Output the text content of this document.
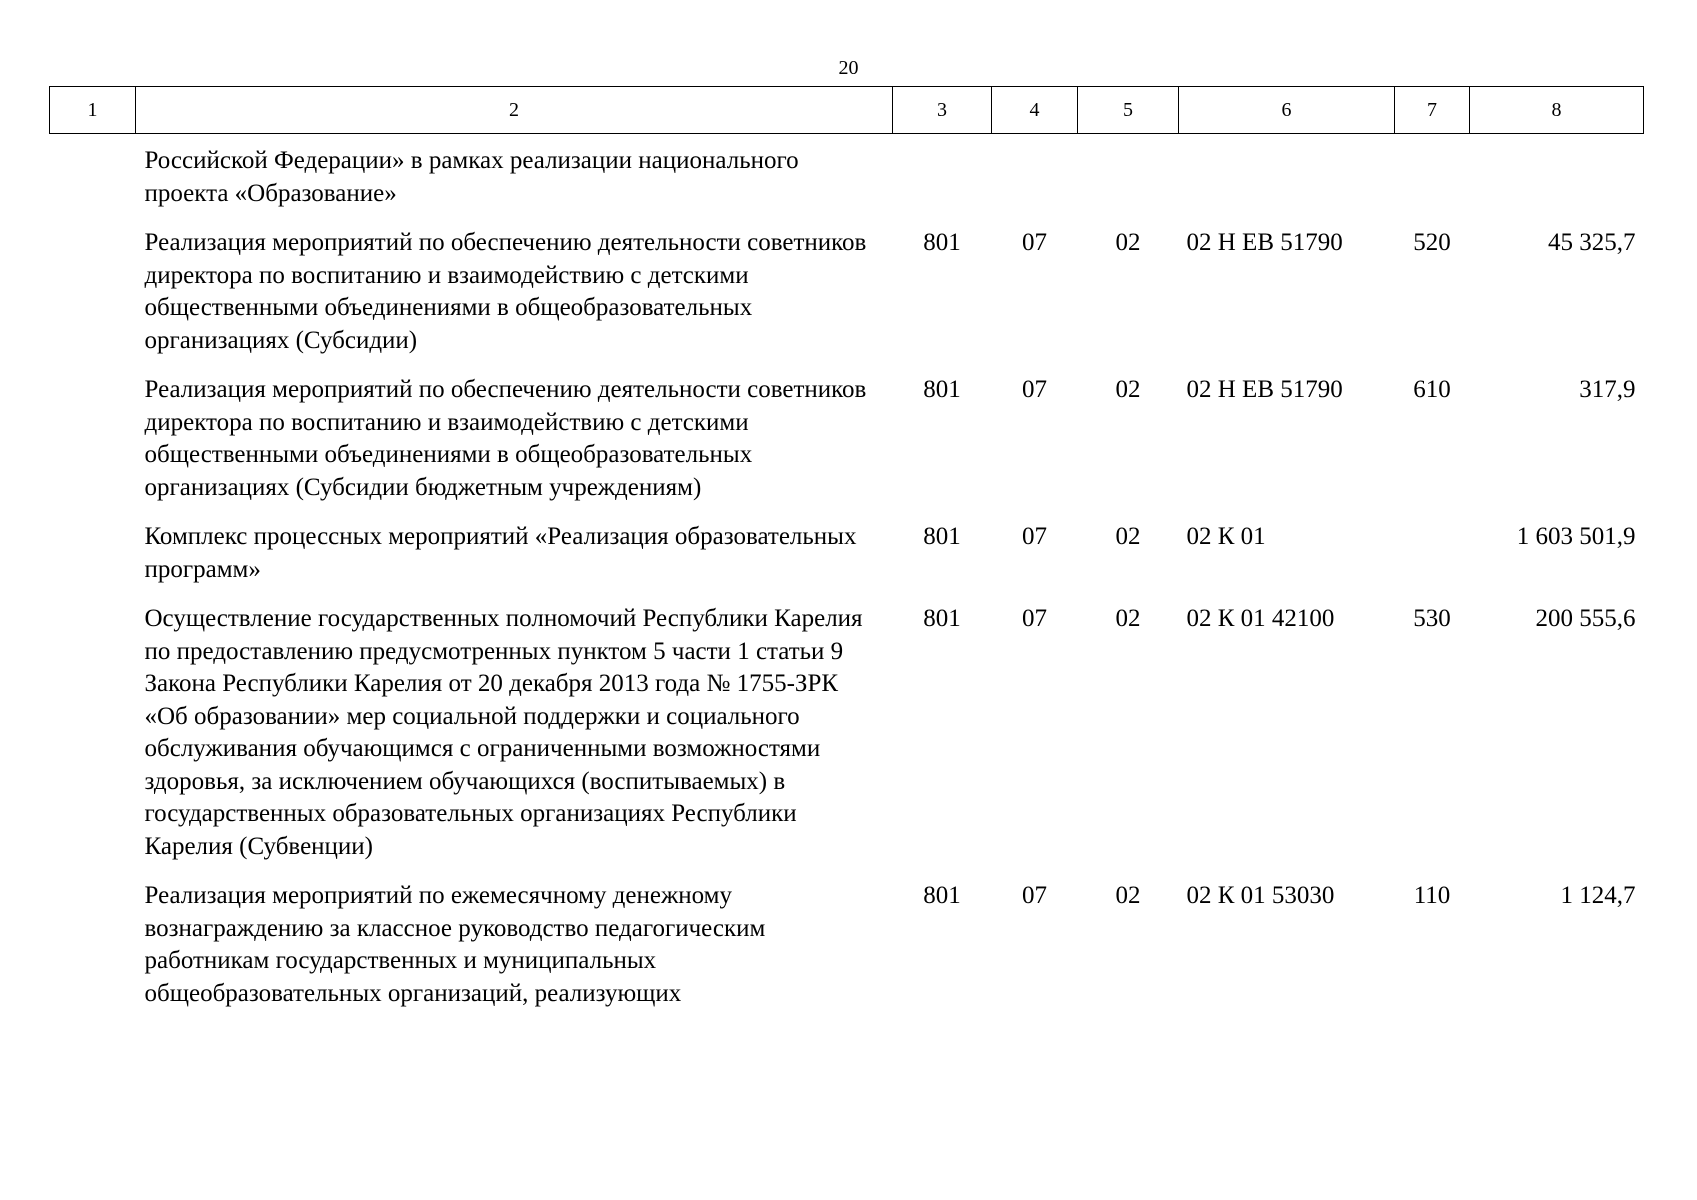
20
1	2	3	4	5	6	7	8
Российской Федерации» в рамках реализации национального проекта «Образование»							
Реализация мероприятий по обеспечению деятельности советников директора по воспитанию и взаимодействию с детскими общественными объединениями в общеобразовательных организациях (Субсидии)		801	07	02	02 Н ЕВ 51790	520	45 325,7
Реализация мероприятий по обеспечению деятельности советников директора по воспитанию и взаимодействию с детскими общественными объединениями в общеобразовательных организациях (Субсидии бюджетным учреждениям)		801	07	02	02 Н ЕВ 51790	610	317,9
Комплекс процессных мероприятий «Реализация образовательных программ»		801	07	02	02 К 01		1 603 501,9
Осуществление государственных полномочий Республики Карелия по предоставлению предусмотренных пунктом 5 части 1 статьи 9 Закона Республики Карелия от 20 декабря 2013 года № 1755-ЗРК «Об образовании» мер социальной поддержки и социального обслуживания обучающимся с ограниченными возможностями здоровья, за исключением обучающихся (воспитываемых) в государственных образовательных организациях Республики Карелия (Субвенции)		801	07	02	02 К 01 42100	530	200 555,6
Реализация мероприятий по ежемесячному денежному вознаграждению за классное руководство педагогическим работникам государственных и муниципальных общеобразовательных организаций, реализующих		801	07	02	02 К 01 53030	110	1 124,7
